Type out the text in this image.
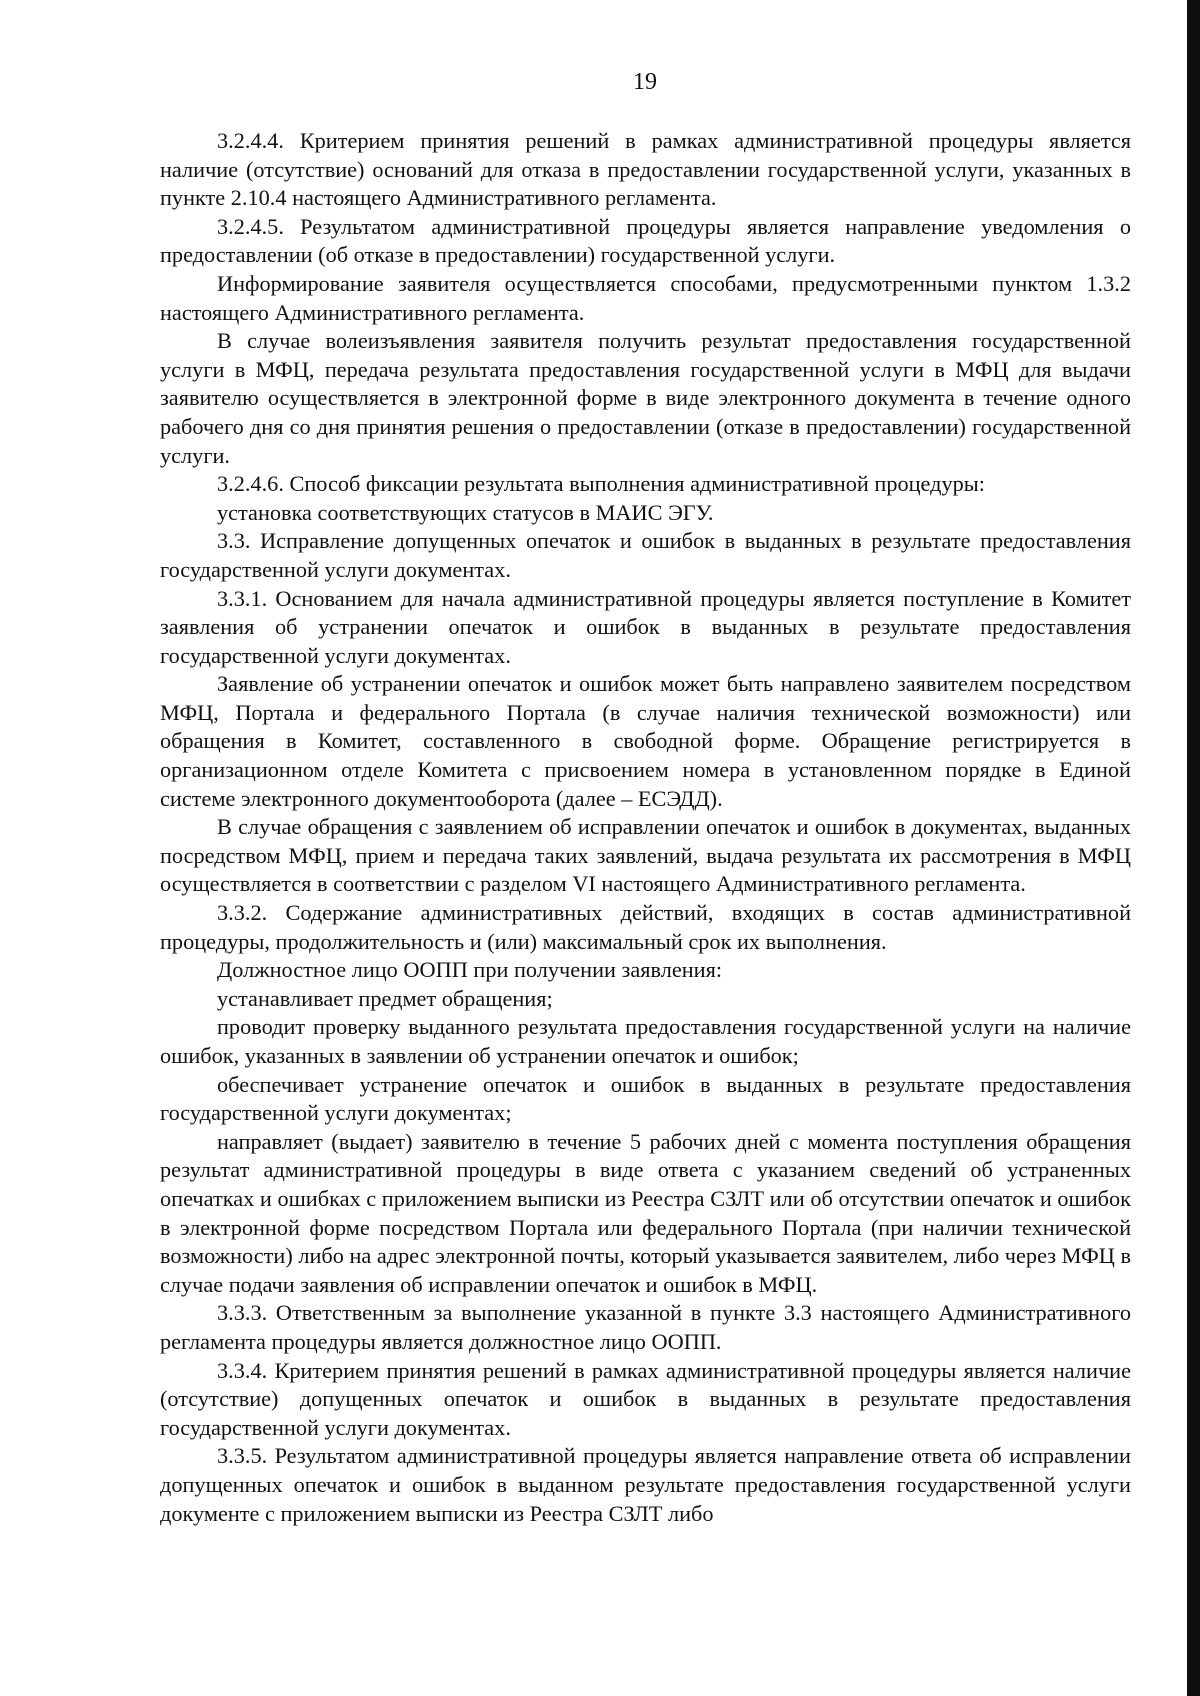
19

3.2.4.4. Критерием принятия решений в рамках административной процедуры является наличие (отсутствие) оснований для отказа в предоставлении государственной услуги, указанных в пункте 2.10.4 настоящего Административного регламента.

3.2.4.5. Результатом административной процедуры является направление уведомления о предоставлении (об отказе в предоставлении) государственной услуги.

Информирование заявителя осуществляется способами, предусмотренными пунктом 1.3.2 настоящего Административного регламента.

В случае волеизъявления заявителя получить результат предоставления государственной услуги в МФЦ, передача результата предоставления государственной услуги в МФЦ для выдачи заявителю осуществляется в электронной форме в виде электронного документа в течение одного рабочего дня со дня принятия решения о предоставлении (отказе в предоставлении) государственной услуги.

3.2.4.6. Способ фиксации результата выполнения административной процедуры:

установка соответствующих статусов в МАИС ЭГУ.

3.3. Исправление допущенных опечаток и ошибок в выданных в результате предоставления государственной услуги документах.

3.3.1. Основанием для начала административной процедуры является поступление в Комитет заявления об устранении опечаток и ошибок в выданных в результате предоставления государственной услуги документах.

Заявление об устранении опечаток и ошибок может быть направлено заявителем посредством МФЦ, Портала и федерального Портала (в случае наличия технической возможности) или обращения в Комитет, составленного в свободной форме. Обращение регистрируется в организационном отделе Комитета с присвоением номера в установленном порядке в Единой системе электронного документооборота (далее – ЕСЭДД).

В случае обращения с заявлением об исправлении опечаток и ошибок в документах, выданных посредством МФЦ, прием и передача таких заявлений, выдача результата их рассмотрения в МФЦ осуществляется в соответствии с разделом VI настоящего Административного регламента.

3.3.2. Содержание административных действий, входящих в состав административной процедуры, продолжительность и (или) максимальный срок их выполнения.

Должностное лицо ООПП при получении заявления:

устанавливает предмет обращения;

проводит проверку выданного результата предоставления государственной услуги на наличие ошибок, указанных в заявлении об устранении опечаток и ошибок;

обеспечивает устранение опечаток и ошибок в выданных в результате предоставления государственной услуги документах;

направляет (выдает) заявителю в течение 5 рабочих дней с момента поступления обращения результат административной процедуры в виде ответа с указанием сведений об устраненных опечатках и ошибках с приложением выписки из Реестра СЗЛТ или об отсутствии опечаток и ошибок в электронной форме посредством Портала или федерального Портала (при наличии технической возможности) либо на адрес электронной почты, который указывается заявителем, либо через МФЦ в случае подачи заявления об исправлении опечаток и ошибок в МФЦ.

3.3.3. Ответственным за выполнение указанной в пункте 3.3 настоящего Административного регламента процедуры является должностное лицо ООПП.

3.3.4. Критерием принятия решений в рамках административной процедуры является наличие (отсутствие) допущенных опечаток и ошибок в выданных в результате предоставления государственной услуги документах.

3.3.5. Результатом административной процедуры является направление ответа об исправлении допущенных опечаток и ошибок в выданном результате предоставления государственной услуги документе с приложением выписки из Реестра СЗЛТ либо
